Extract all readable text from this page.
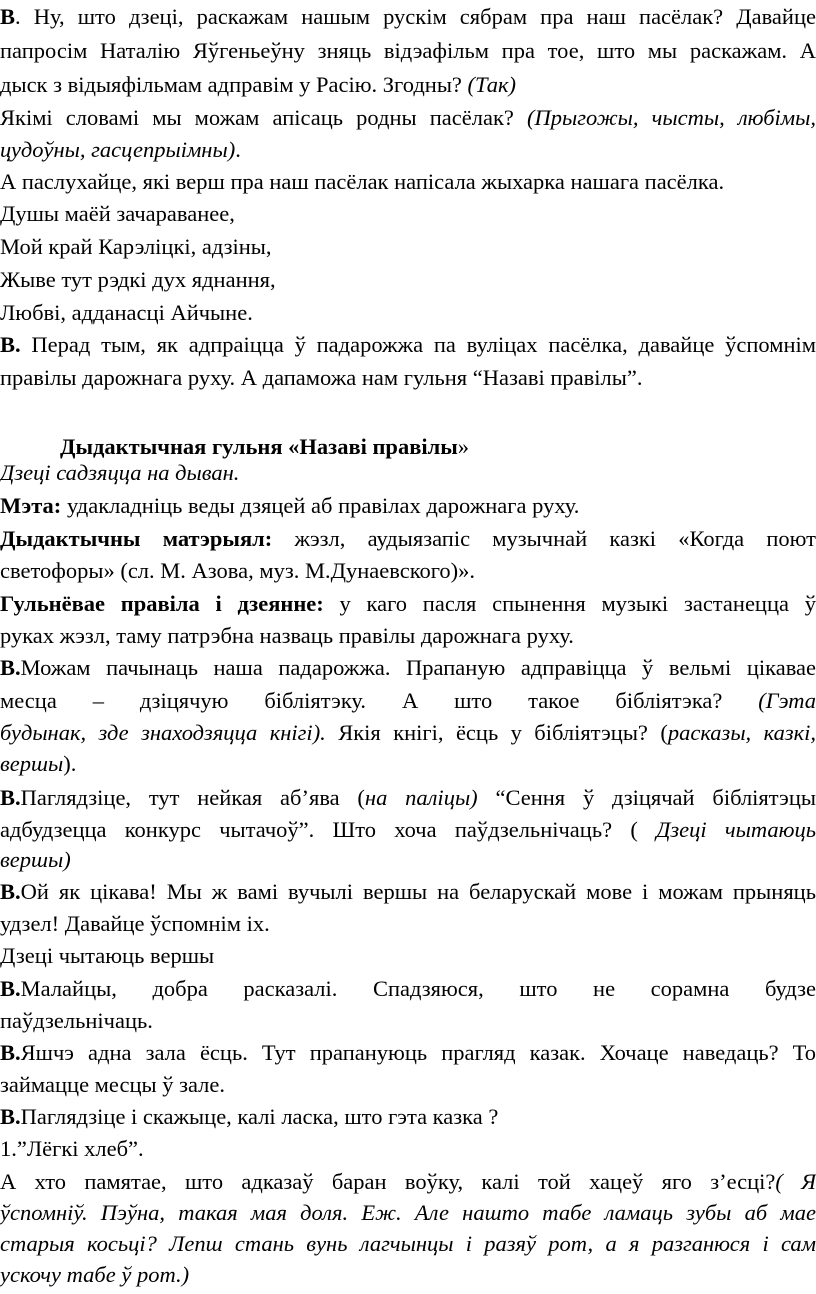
В. Ну, што дзеці, раскажам нашым рускім сябрам пра наш пасёлак? Давайце
папросім Наталію Яўгеньеўну зняць відэафільм пра тое, што мы раскажам. А
дыск з відыяфільмам адправім у Расію. Згодны? (Так)
Якімі словамі мы можам апісаць родны пасёлак? (Прыгожы, чысты, любімы,
цудоўны, гасцепрыімны).
А паслухайце, які верш пра наш пасёлак напісала жыхарка нашага пасёлка.
Душы маёй зачараванее,
Мой край Карэліцкі, адзіны,
Жыве тут рэдкі дух яднання,
Любві, адданасці Айчыне.
В. Перад тым, як адпраіцца ў падарожжа па вуліцах пасёлка, давайце ўспомнім
правілы дарожнага руху. А дапаможа нам гульня “Назаві правілы”.
Дыдактычная гульня «Назаві правілы»
Дзеці садзяцца на дыван.
Мэта: удакладніць веды дзяцей аб правілах дарожнага руху.
Дыдактычны матэрыял: жэзл, аудыязапіс музычнай казкі «Когда поют
светофоры» (сл. М. Азова, муз. М.Дунаевского)».
Гульнёвае правіла і дзеянне: у каго пасля спынення музыкі застанецца ў
руках жэзл, таму патрэбна назваць правілы дарожнага руху.
В.Можам пачынаць наша падарожжа. Прапаную адправіцца ў вельмі цікавае
месца – дзіцячую бібліятэку. А што такое бібліятэка? (Гэта
будынак, зде знаходзяцца кнігі). Якія кнігі, ёсць у бібліятэцы? (расказы, казкі,
вершы).
В.Паглядзіце, тут нейкая аб’ява (на паліцы) “Сення ў дзіцячай бібліятэцы
адбудзецца конкурс чытачоў”. Што хоча паўдзельнічаць? ( Дзеці чытаюць
вершы)
В.Ой як цікава! Мы ж вамі вучылі вершы на беларускай мове і можам прыняць
удзел! Давайце ўспомнім іх.
Дзеці чытаюць вершы
В.Малайцы, добра расказалі. Спадзяюся, што не сорамна будзе
паўдзельнічаць.
В.Яшчэ адна зала ёсць. Тут прапануюць прагляд казак. Хочаце наведаць? То
займацце месцы ў зале.
В.Паглядзіце і скажыце, калі ласка, што гэта казка ?
1.”Лёгкі хлеб”.
А хто памятае, што адказаў баран воўку, калі той хацеў яго з’есці?( Я
ўспомніў. Пэўна, такая мая доля. Еж. Але нашто табе ламаць зубы аб мае
старыя косьці? Лепш стань вунь лагчынцы і разяў рот, а я разганюся і сам
ускочу табе ў рот.)
